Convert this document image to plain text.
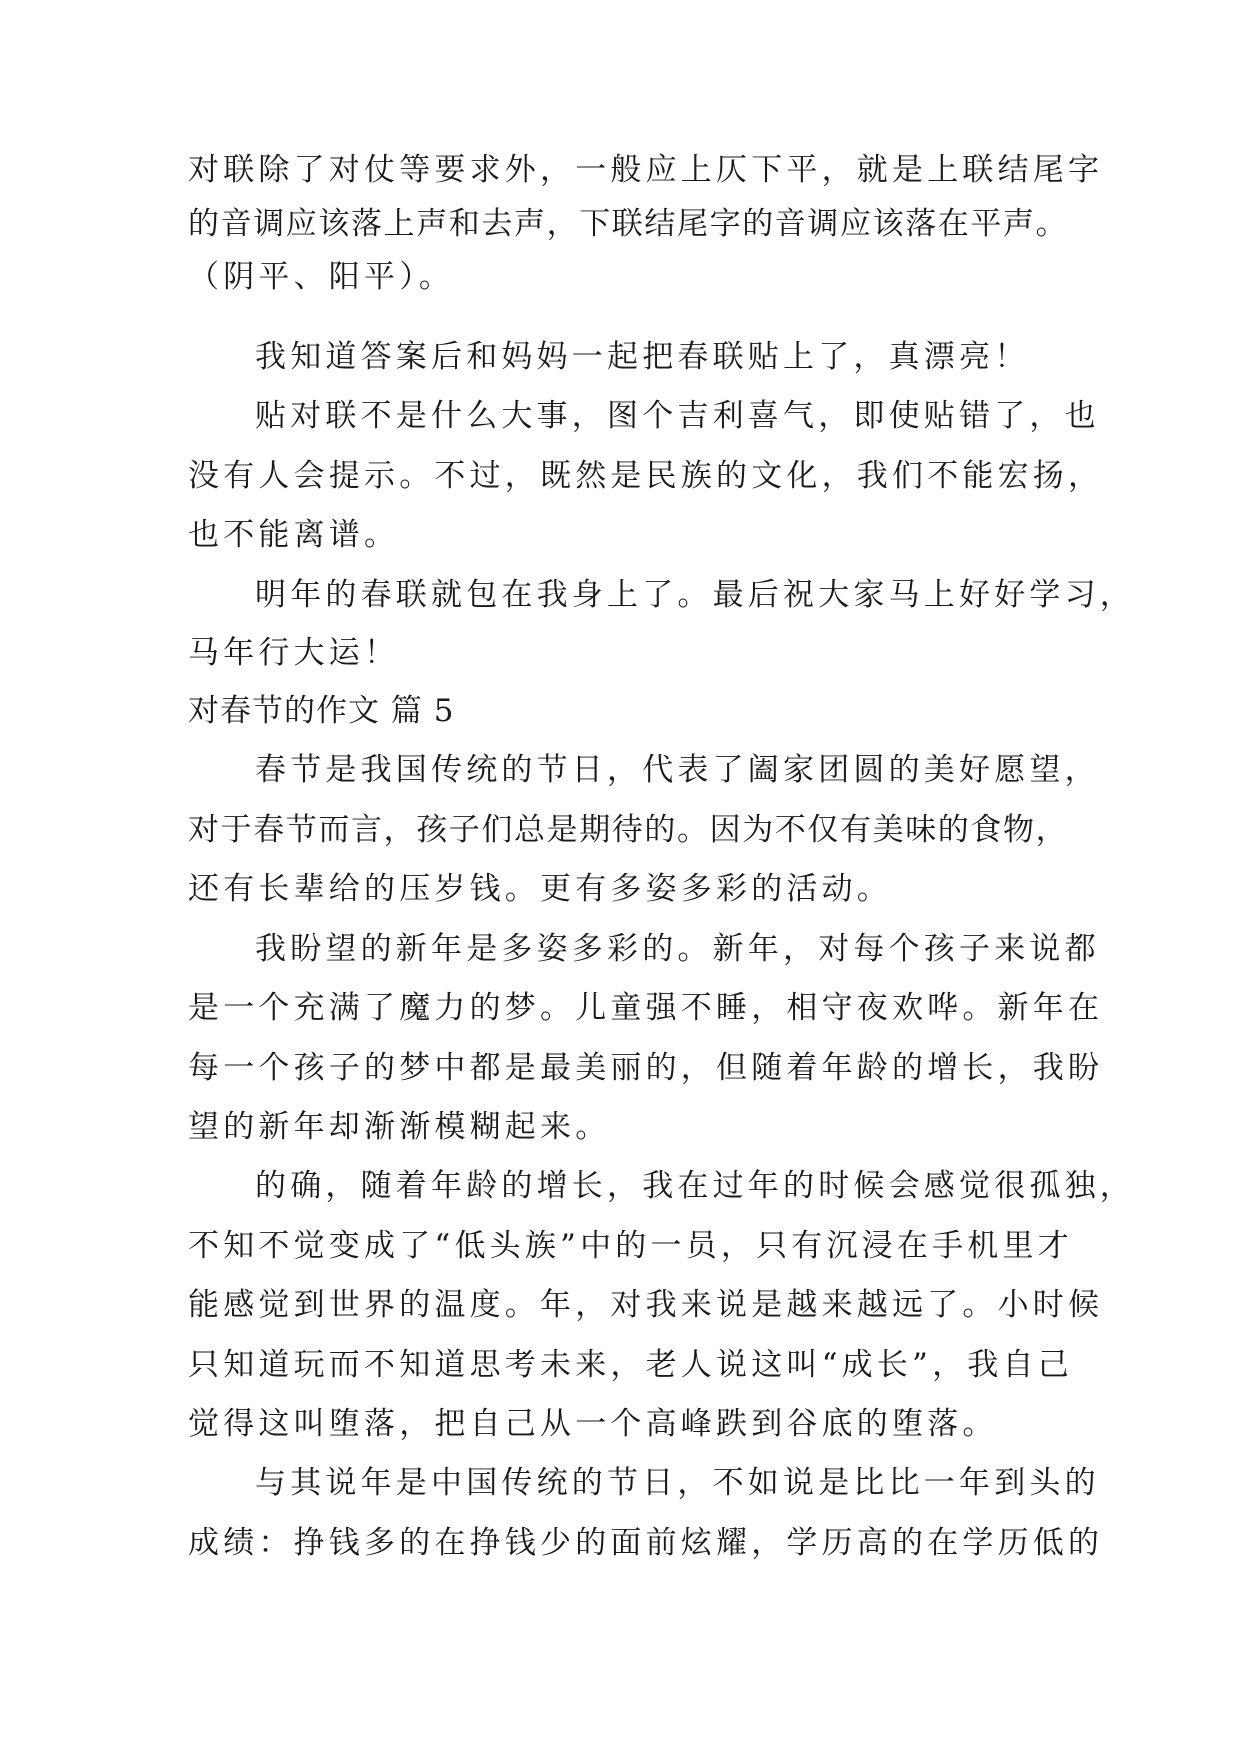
对联除了对仗等要求外，一般应上仄下平，就是上联结尾字
的音调应该落上声和去声，下联结尾字的音调应该落在平声。
（阴平、阳平）。
我知道答案后和妈妈一起把春联贴上了，真漂亮！
贴对联不是什么大事，图个吉利喜气，即使贴错了，也
没有人会提示。不过，既然是民族的文化，我们不能宏扬，
也不能离谱。
明年的春联就包在我身上了。最后祝大家马上好好学习，
马年行大运！
对春节的作文 篇 5
春节是我国传统的节日，代表了阖家团圆的美好愿望，
对于春节而言，孩子们总是期待的。因为不仅有美味的食物，
还有长辈给的压岁钱。更有多姿多彩的活动。
我盼望的新年是多姿多彩的。新年，对每个孩子来说都
是一个充满了魔力的梦。儿童强不睡，相守夜欢哗。新年在
每一个孩子的梦中都是最美丽的，但随着年龄的增长，我盼
望的新年却渐渐模糊起来。
的确，随着年龄的增长，我在过年的时候会感觉很孤独，
不知不觉变成了“低头族”中的一员，只有沉浸在手机里才
能感觉到世界的温度。年，对我来说是越来越远了。小时候
只知道玩而不知道思考未来，老人说这叫“成长”，我自己
觉得这叫堕落，把自己从一个高峰跌到谷底的堕落。
与其说年是中国传统的节日，不如说是比比一年到头的
成绩：挣钱多的在挣钱少的面前炫耀，学历高的在学历低的
